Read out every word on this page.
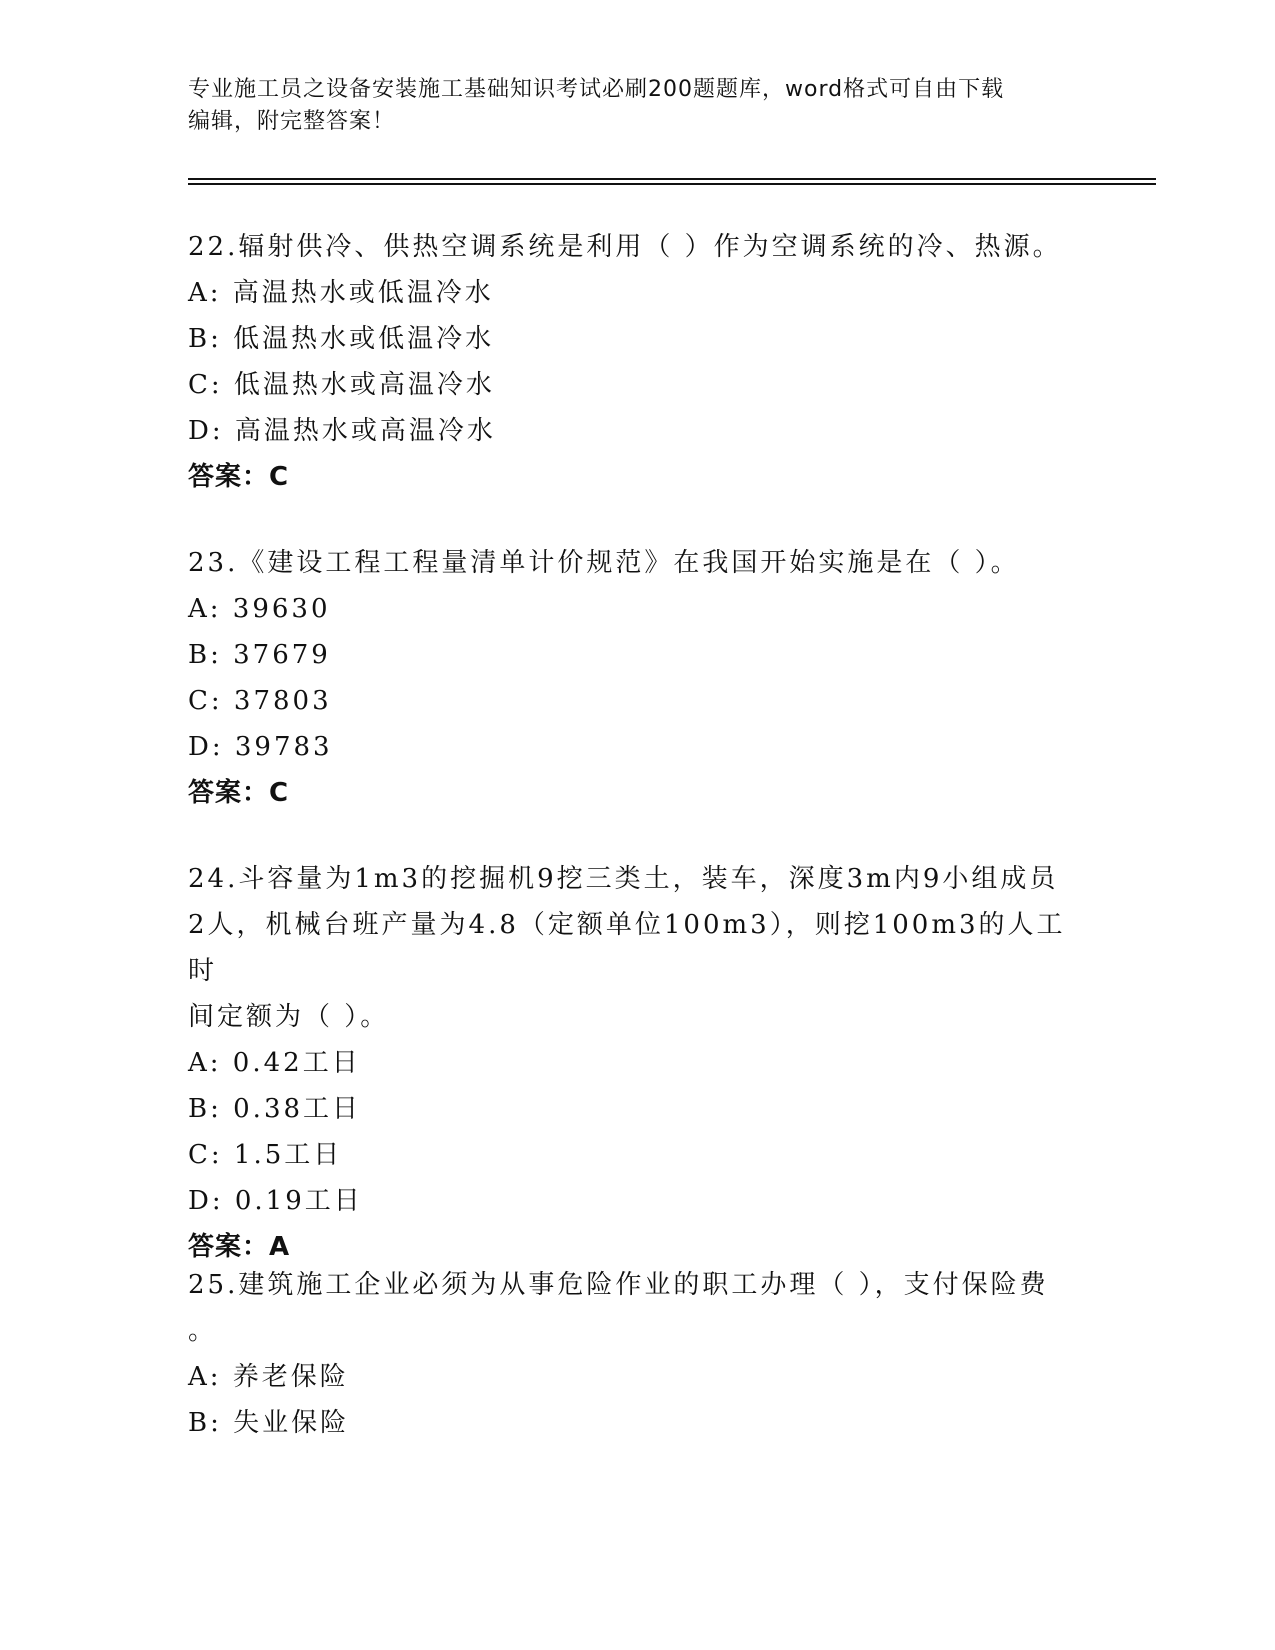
专业施工员之设备安装施工基础知识考试必刷200题题库，word格式可自由下载
编辑，附完整答案！
22.辐射供冷、供热空调系统是利用（ ）作为空调系统的冷、热源。
A: 高温热水或低温冷水
B: 低温热水或低温冷水
C: 低温热水或高温冷水
D: 高温热水或高温冷水
答案：C
23.《建设工程工程量清单计价规范》在我国开始实施是在（ ）。
A: 39630
B: 37679
C: 37803
D: 39783
答案：C
24.斗容量为1m3的挖掘机9挖三类土，装车，深度3m内9小组成员
2人，机械台班产量为4.8（定额单位100m3），则挖100m3的人工时
间定额为（ ）。
A: 0.42工日
B: 0.38工日
C: 1.5工日
D: 0.19工日
答案：A
25.建筑施工企业必须为从事危险作业的职工办理（ ），支付保险费
。
A: 养老保险
B: 失业保险
